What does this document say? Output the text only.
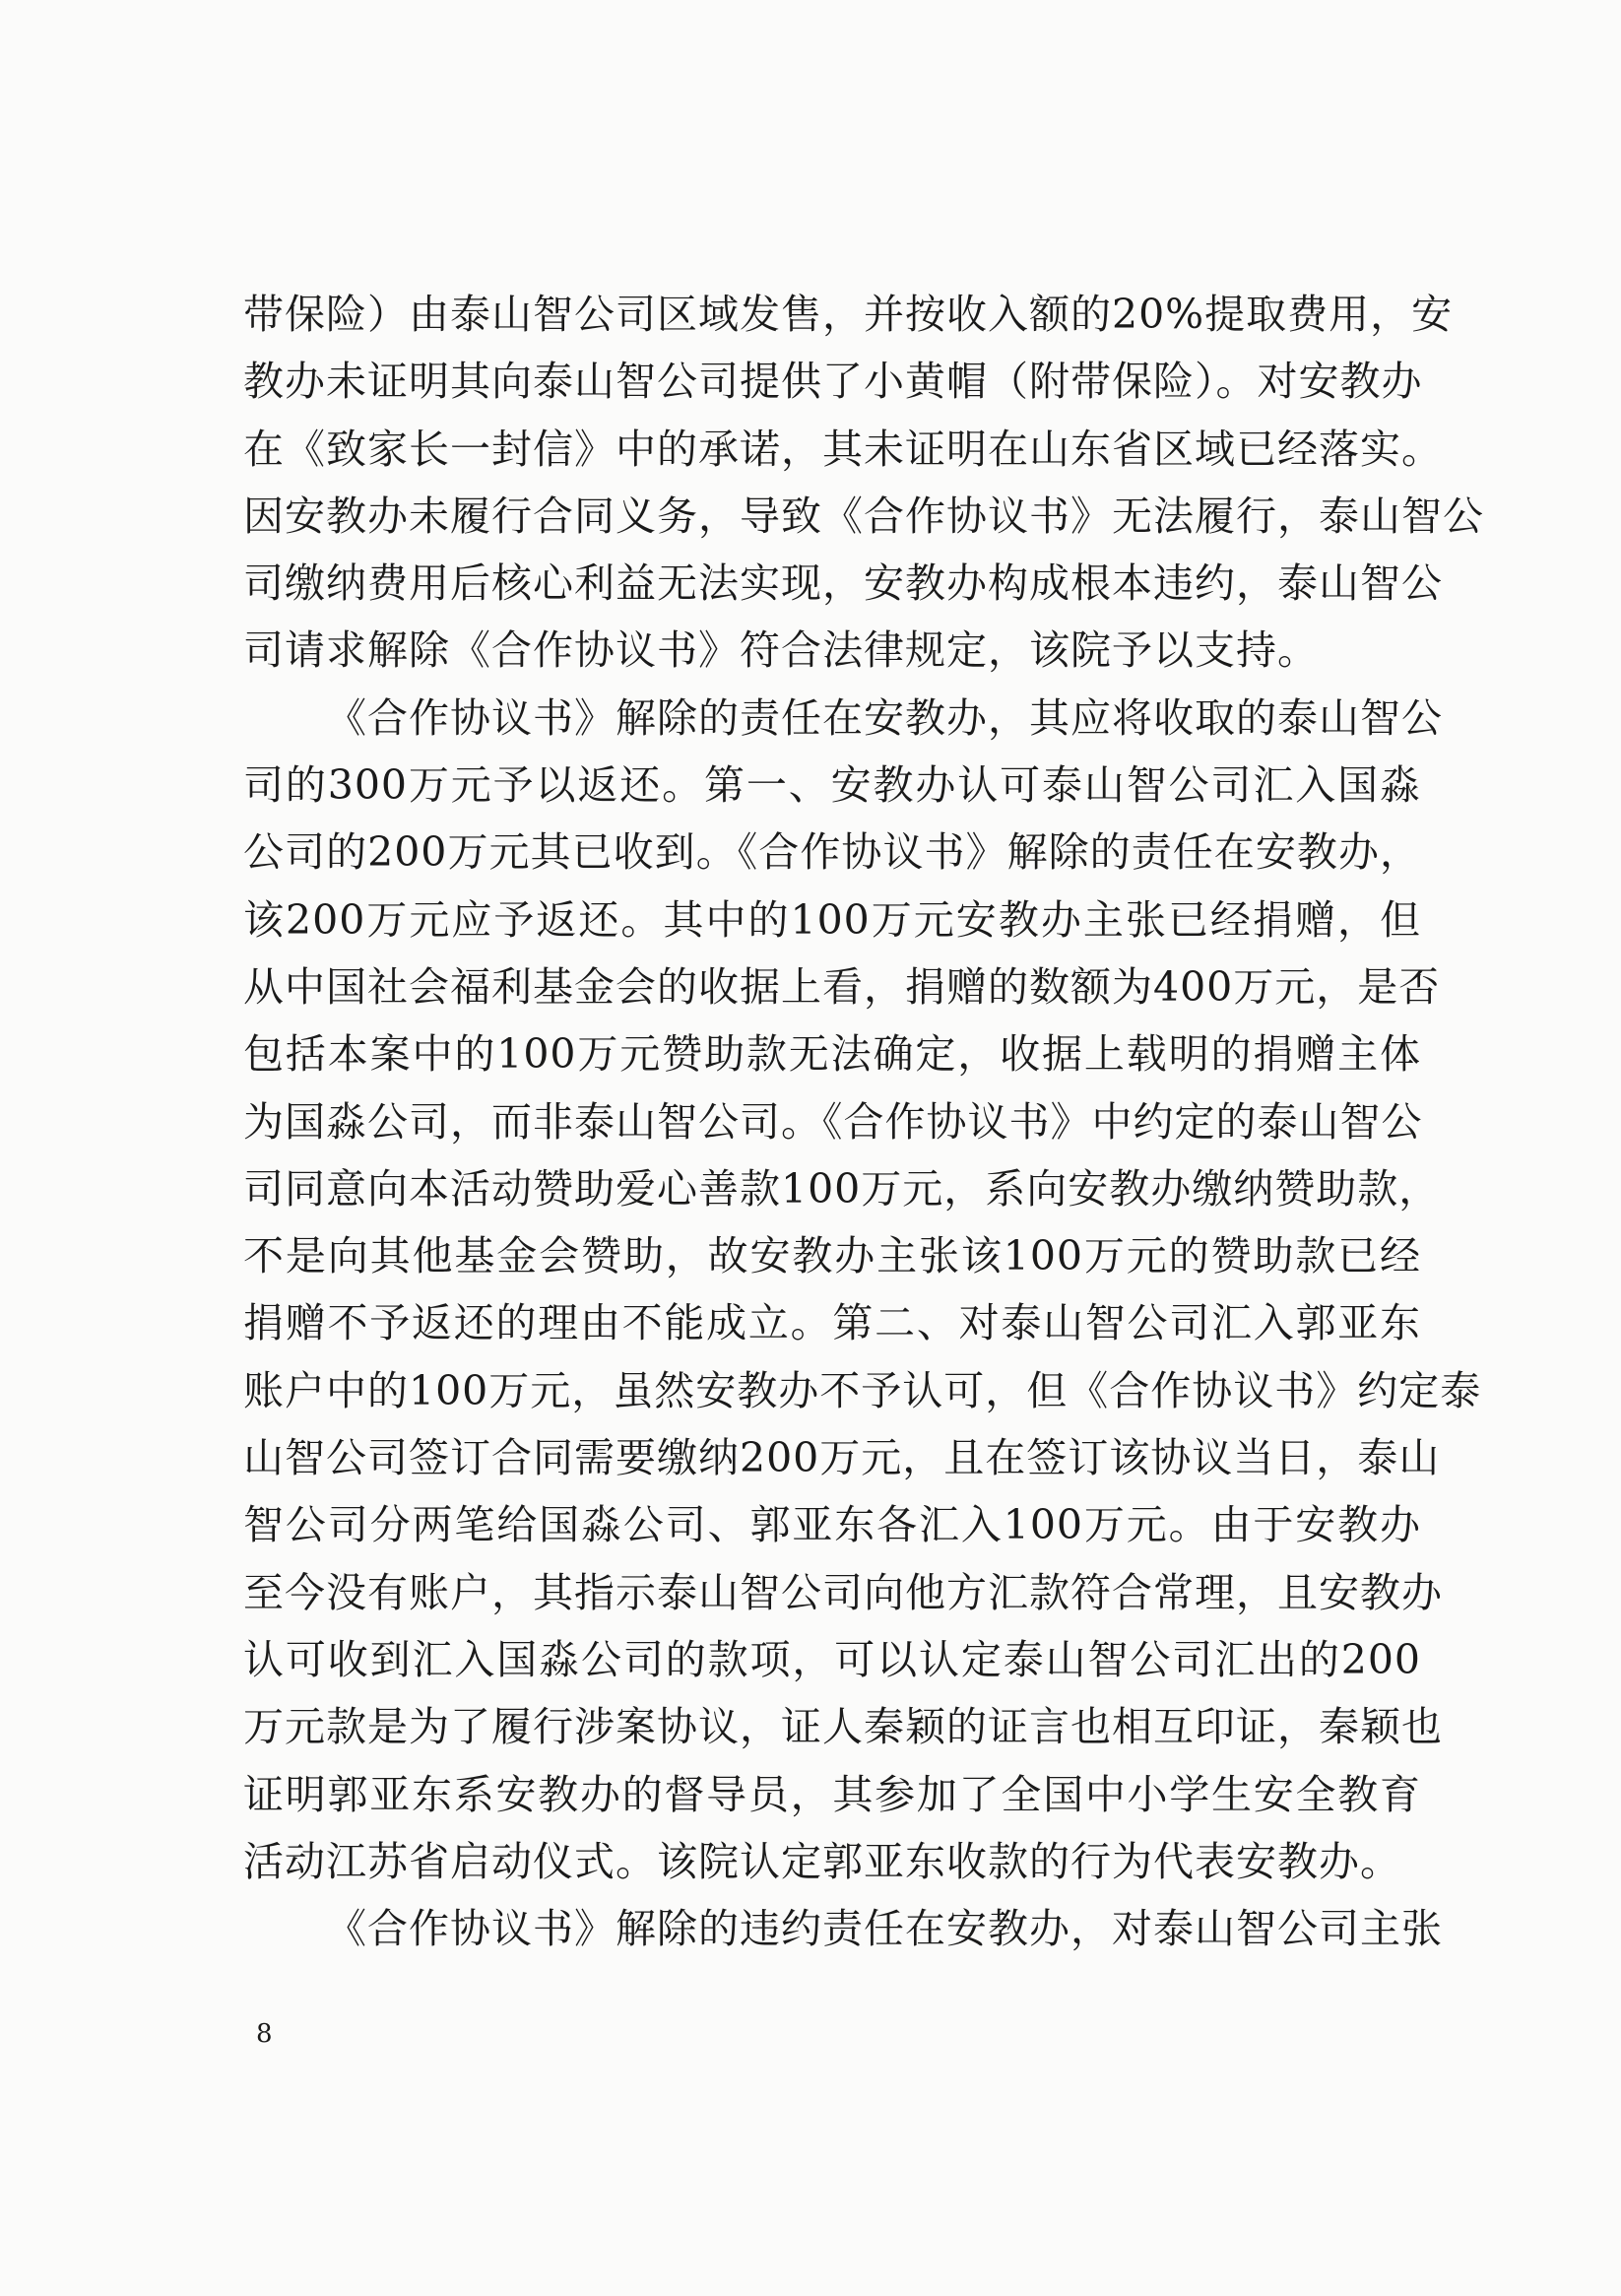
带保险）由泰山智公司区域发售，并按收入额的20%提取费用，安
教办未证明其向泰山智公司提供了小黄帽（附带保险）。对安教办
在《致家长一封信》中的承诺，其未证明在山东省区域已经落实。
因安教办未履行合同义务，导致《合作协议书》无法履行，泰山智公
司缴纳费用后核心利益无法实现，安教办构成根本违约，泰山智公
司请求解除《合作协议书》符合法律规定，该院予以支持。
《合作协议书》解除的责任在安教办，其应将收取的泰山智公
司的300万元予以返还。第一、安教办认可泰山智公司汇入国淼
公司的200万元其已收到。《合作协议书》解除的责任在安教办，
该200万元应予返还。其中的100万元安教办主张已经捐赠，但
从中国社会福利基金会的收据上看，捐赠的数额为400万元，是否
包括本案中的100万元赞助款无法确定，收据上载明的捐赠主体
为国淼公司，而非泰山智公司。《合作协议书》中约定的泰山智公
司同意向本活动赞助爱心善款100万元，系向安教办缴纳赞助款，
不是向其他基金会赞助，故安教办主张该100万元的赞助款已经
捐赠不予返还的理由不能成立。第二、对泰山智公司汇入郭亚东
账户中的100万元，虽然安教办不予认可，但《合作协议书》约定泰
山智公司签订合同需要缴纳200万元，且在签订该协议当日，泰山
智公司分两笔给国淼公司、郭亚东各汇入100万元。由于安教办
至今没有账户，其指示泰山智公司向他方汇款符合常理，且安教办
认可收到汇入国淼公司的款项，可以认定泰山智公司汇出的200
万元款是为了履行涉案协议，证人秦颖的证言也相互印证，秦颖也
证明郭亚东系安教办的督导员，其参加了全国中小学生安全教育
活动江苏省启动仪式。该院认定郭亚东收款的行为代表安教办。
《合作协议书》解除的违约责任在安教办，对泰山智公司主张
8
